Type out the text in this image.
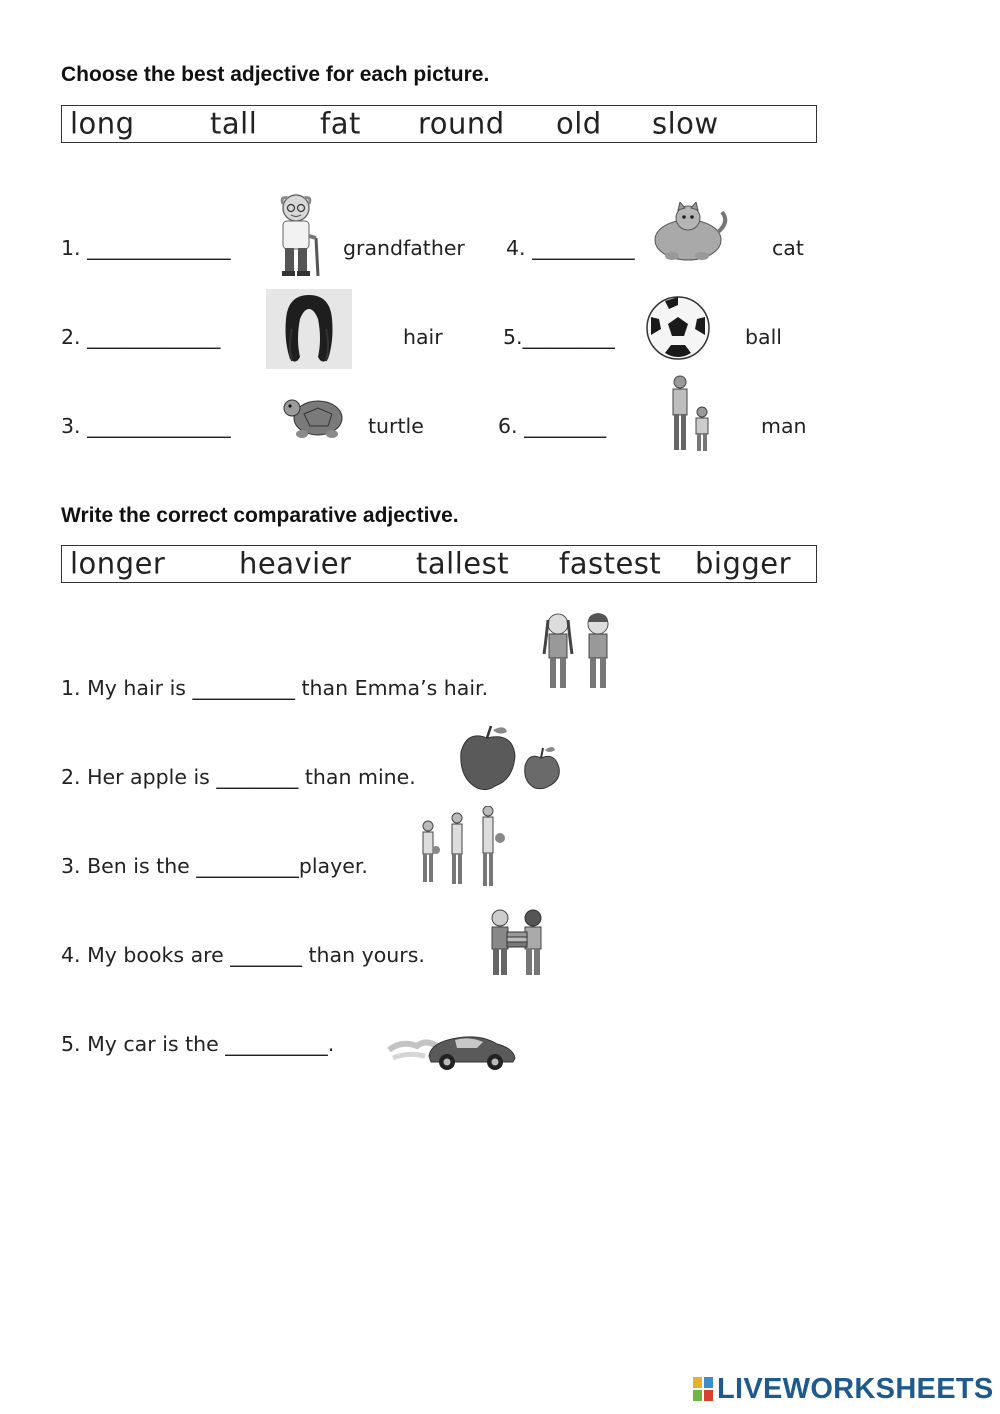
Choose the best adjective for each picture.
long	tall fat round old slow
1. ______________	grandfather 4. __________	cat
2. _____________	hair	5._________	ball
3. ______________	turtle	6. ________	man
Write the correct comparative adjective.
longer	heavier tallest fastest bigger
1. My hair is __________ than Emma’s hair.
2. Her apple is ________ than mine.
3. Ben is the __________player.
4. My books are _______ than yours.
5. My car is the __________.
LIVEWORKSHEETS
